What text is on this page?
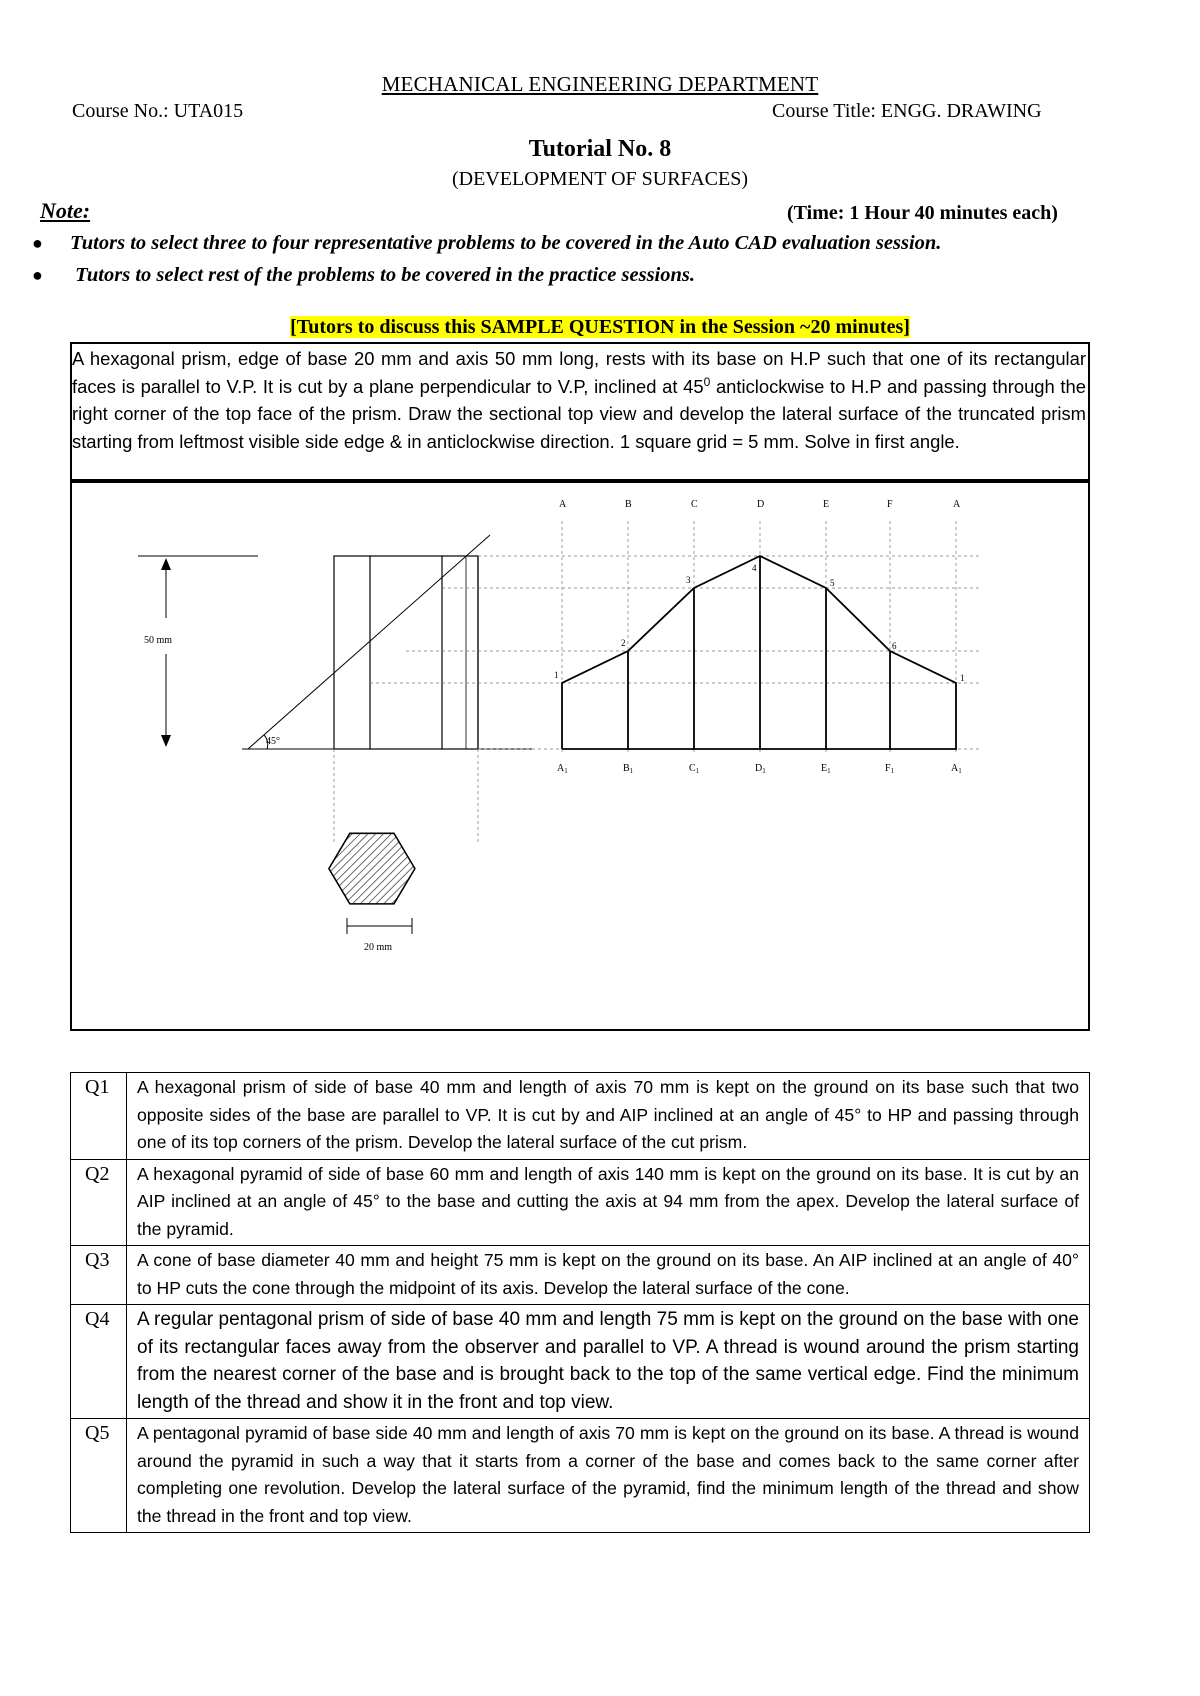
MECHANICAL ENGINEERING DEPARTMENT
Course No.: UTA015	Course Title: ENGG. DRAWING
Tutorial No. 8
(DEVELOPMENT OF SURFACES)
Note:	(Time: 1 Hour 40 minutes each)
● Tutors to select three to four representative problems to be covered in the Auto CAD evaluation session.
● Tutors to select rest of the problems to be covered in the practice sessions.
[Tutors to discuss this SAMPLE QUESTION in the Session ~20 minutes]
A hexagonal prism, edge of base 20 mm and axis 50 mm long, rests with its base on H.P such that one of its rectangular faces is parallel to V.P. It is cut by a plane perpendicular to V.P, inclined at $45^0$ anticlockwise to H.P and passing through the right corner of the top face of the prism. Draw the sectional top view and develop the lateral surface of the truncated prism starting from leftmost visible side edge & in anticlockwise direction. 1 square grid = 5 mm. Solve in first angle.
50 mm
45°
20 mm
A	B	C	D	E	F	A
$A_1$	$B_1$	$C_1$	$D_1$	$E_1$	$F_1$	$A_1$
1
2
3
4
5
6
1
Q1	A hexagonal prism of side of base 40 mm and length of axis 70 mm is kept on the ground on its base such that two opposite sides of the base are parallel to VP. It is cut by and AIP inclined at an angle of 45° to HP and passing through one of its top corners of the prism. Develop the lateral surface of the cut prism.
Q2	A hexagonal pyramid of side of base 60 mm and length of axis 140 mm is kept on the ground on its base. It is cut by an AIP inclined at an angle of 45° to the base and cutting the axis at 94 mm from the apex. Develop the lateral surface of the pyramid.
Q3	A cone of base diameter 40 mm and height 75 mm is kept on the ground on its base. An AIP inclined at an angle of 40° to HP cuts the cone through the midpoint of its axis. Develop the lateral surface of the cone.
Q4	A regular pentagonal prism of side of base 40 mm and length 75 mm is kept on the ground on the base with one of its rectangular faces away from the observer and parallel to VP. A thread is wound around the prism starting from the nearest corner of the base and is brought back to the top of the same vertical edge. Find the minimum length of the thread and show it in the front and top view.
Q5	A pentagonal pyramid of base side 40 mm and length of axis 70 mm is kept on the ground on its base. A thread is wound around the pyramid in such a way that it starts from a corner of the base and comes back to the same corner after completing one revolution. Develop the lateral surface of the pyramid, find the minimum length of the thread and show the thread in the front and top view.
